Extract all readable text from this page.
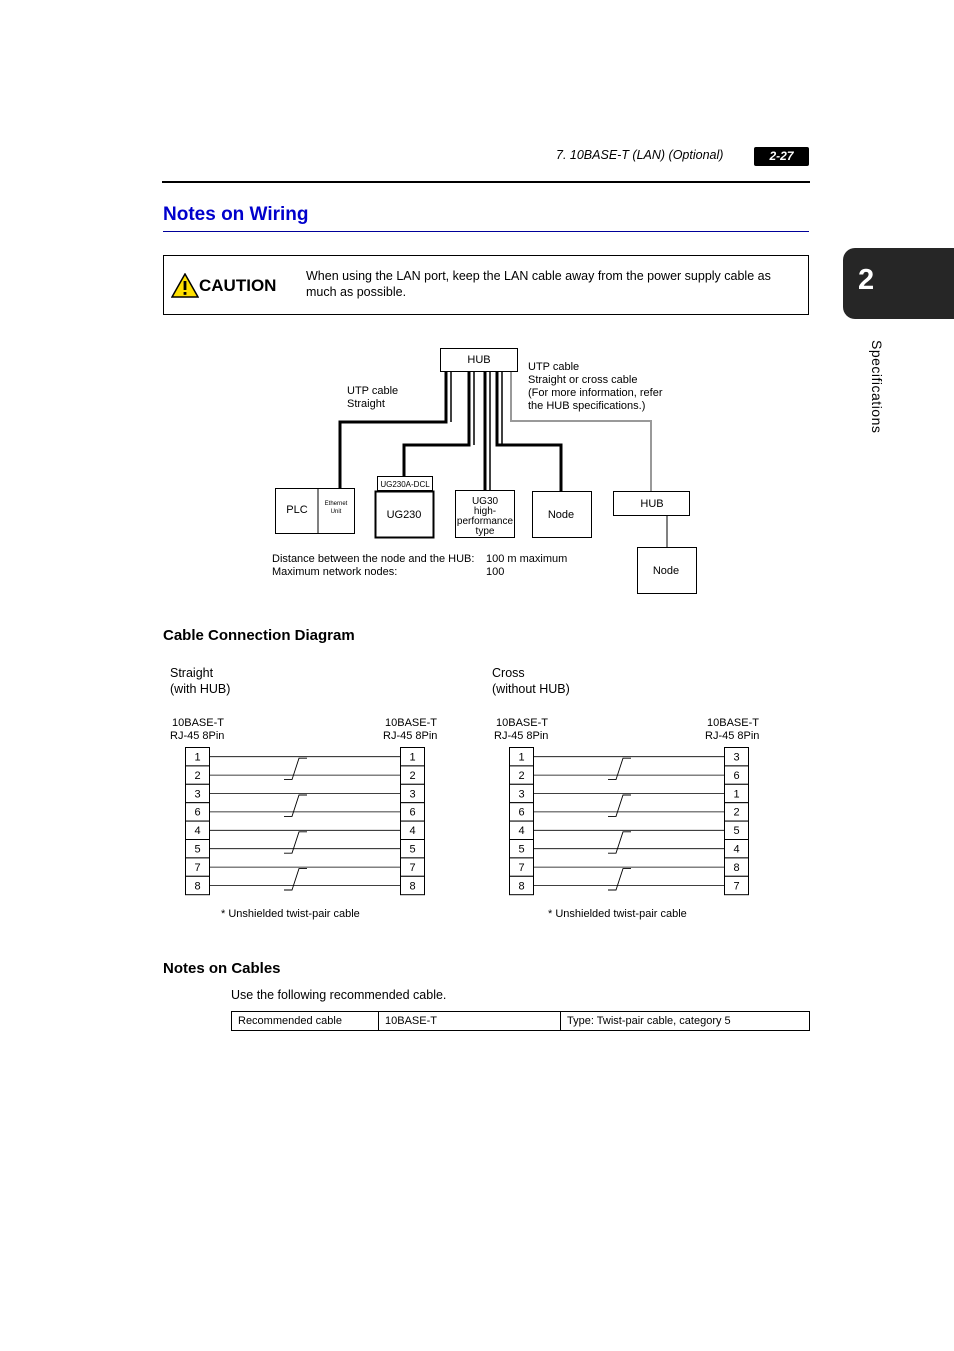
7. 10BASE-T (LAN) (Optional)	2-27
2
Specifications
Notes on Wiring
CAUTION When using the LAN port, keep the LAN cable away from the power supply cable as much as possible.
HUB
UTP cable
Straight
UTP cable
Straight or cross cable
(For more information, refer
the HUB specifications.)
PLC	Ethernet
Unit
UG230A-DCL
UG230
UG30
high-
performance
type
Node
HUB
Node
Distance between the node and the HUB: 100 m maximum
Maximum network nodes:	100
Cable Connection Diagram
Straight
(with HUB)
Cross
(without HUB)
10BASE-T
RJ-45 8Pin
10BASE-T
RJ-45 8Pin
10BASE-T
RJ-45 8Pin
10BASE-T
RJ-45 8Pin
1
2
3
6
4
5
7
8
1
2
3
6
4
5
7
8
1
2
3
6
4
5
7
8
3
6
1
2
5
4
8
7
* Unshielded twist-pair cable	* Unshielded twist-pair cable
Notes on Cables
Use the following recommended cable.
Recommended cable	10BASE-T	Type: Twist-pair cable, category 5
